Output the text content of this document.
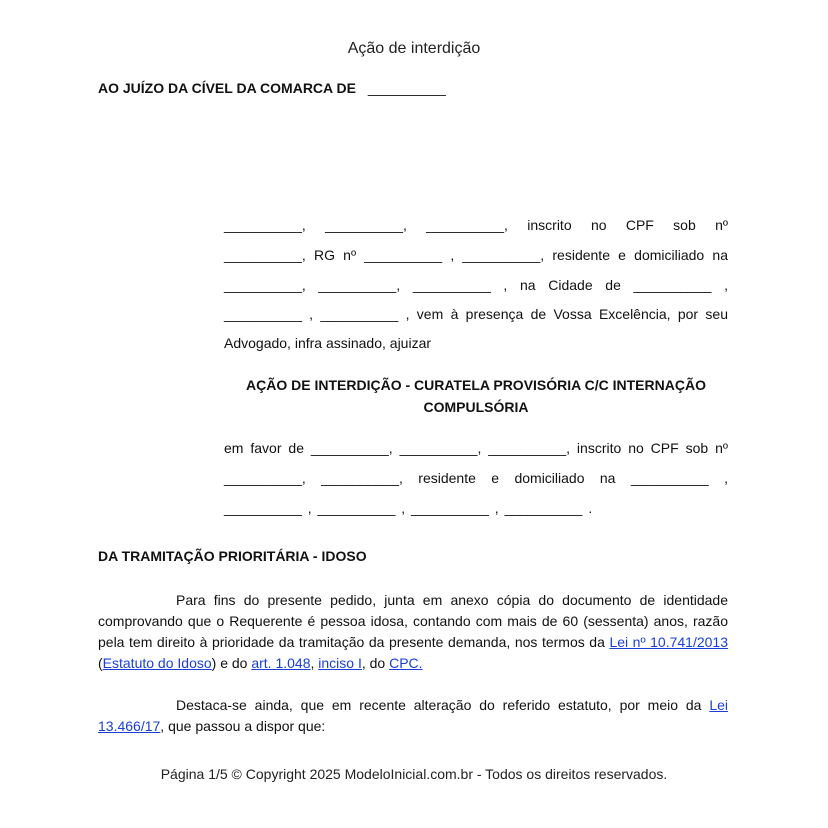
Ação de interdição
AO JUÍZO DA CÍVEL DA COMARCA DE __________
__________, __________, __________, inscrito no CPF sob nº
__________, RG nº __________ , __________, residente e domiciliado na
__________, __________, __________ , na Cidade de __________ ,
__________ , __________ , vem à presença de Vossa Excelência, por seu
Advogado, infra assinado, ajuizar
AÇÃO DE INTERDIÇÃO - CURATELA PROVISÓRIA C/C INTERNAÇÃO
COMPULSÓRIA
em favor de __________, __________, __________, inscrito no CPF sob nº
__________, __________, residente e domiciliado na __________ ,
__________ , __________ , __________ , __________ .
DA TRAMITAÇÃO PRIORITÁRIA - IDOSO
Para fins do presente pedido, junta em anexo cópia do documento de identidade comprovando que o Requerente é pessoa idosa, contando com mais de 60 (sessenta) anos, razão pela tem direito à prioridade da tramitação da presente demanda, nos termos da Lei nº 10.741/2013 (Estatuto do Idoso) e do art. 1.048, inciso I, do CPC.
Destaca-se ainda, que em recente alteração do referido estatuto, por meio da Lei 13.466/17, que passou a dispor que:
Página 1/5 © Copyright 2025 ModeloInicial.com.br - Todos os direitos reservados.
